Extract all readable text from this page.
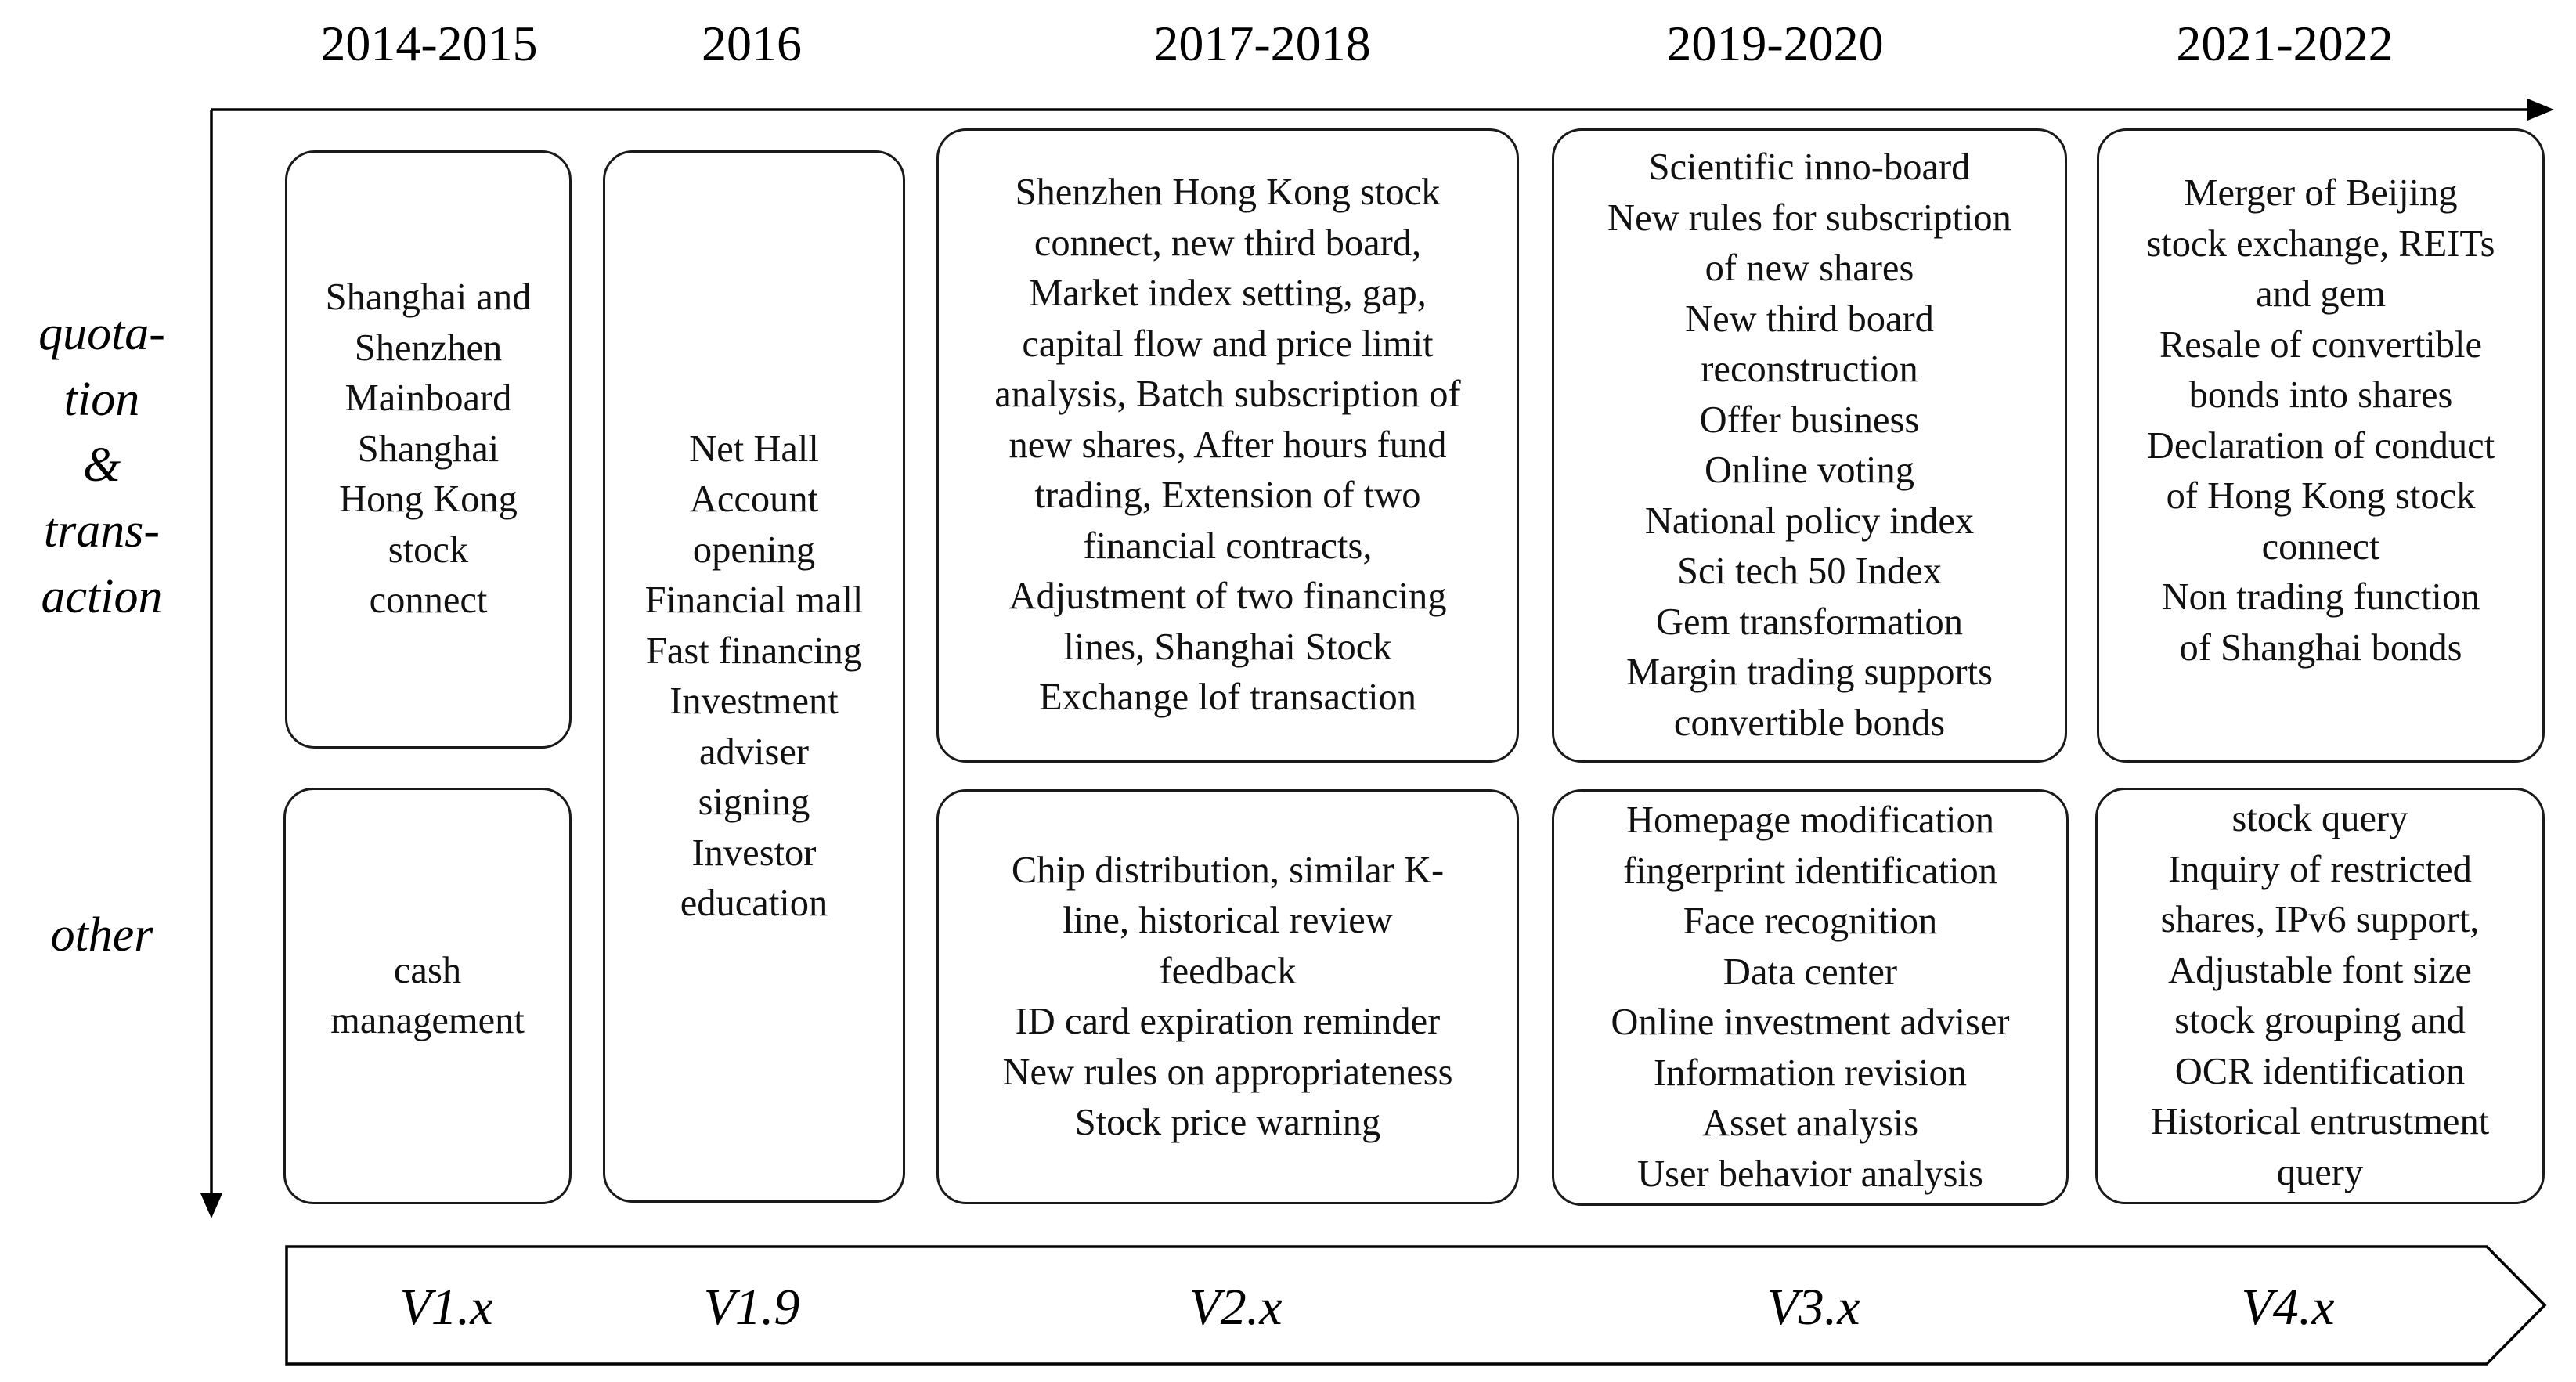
2014-2015	2016	2017-2018	2019-2020	2021-2022
quota-
tion
&
trans-
action
other
Shanghai and
Shenzhen
Mainboard
Shanghai
Hong Kong
stock
connect
cash
management
Net Hall
Account
opening
Financial mall
Fast financing
Investment
adviser
signing
Investor
education
Shenzhen Hong Kong stock
connect, new third board,
Market index setting, gap,
capital flow and price limit
analysis, Batch subscription of
new shares, After hours fund
trading, Extension of two
financial contracts,
Adjustment of two financing
lines, Shanghai Stock
Exchange lof transaction
Chip distribution, similar K-
line, historical review
feedback
ID card expiration reminder
New rules on appropriateness
Stock price warning
Scientific inno-board
New rules for subscription
of new shares
New third board
reconstruction
Offer business
Online voting
National policy index
Sci tech 50 Index
Gem transformation
Margin trading supports
convertible bonds
Homepage modification
fingerprint identification
Face recognition
Data center
Online investment adviser
Information revision
Asset analysis
User behavior analysis
Merger of Beijing
stock exchange, REITs
and gem
Resale of convertible
bonds into shares
Declaration of conduct
of Hong Kong stock
connect
Non trading function
of Shanghai bonds
stock query
Inquiry of restricted
shares, IPv6 support,
Adjustable font size
stock grouping and
OCR identification
Historical entrustment
query
V1.x	V1.9	V2.x	V3.x	V4.x
